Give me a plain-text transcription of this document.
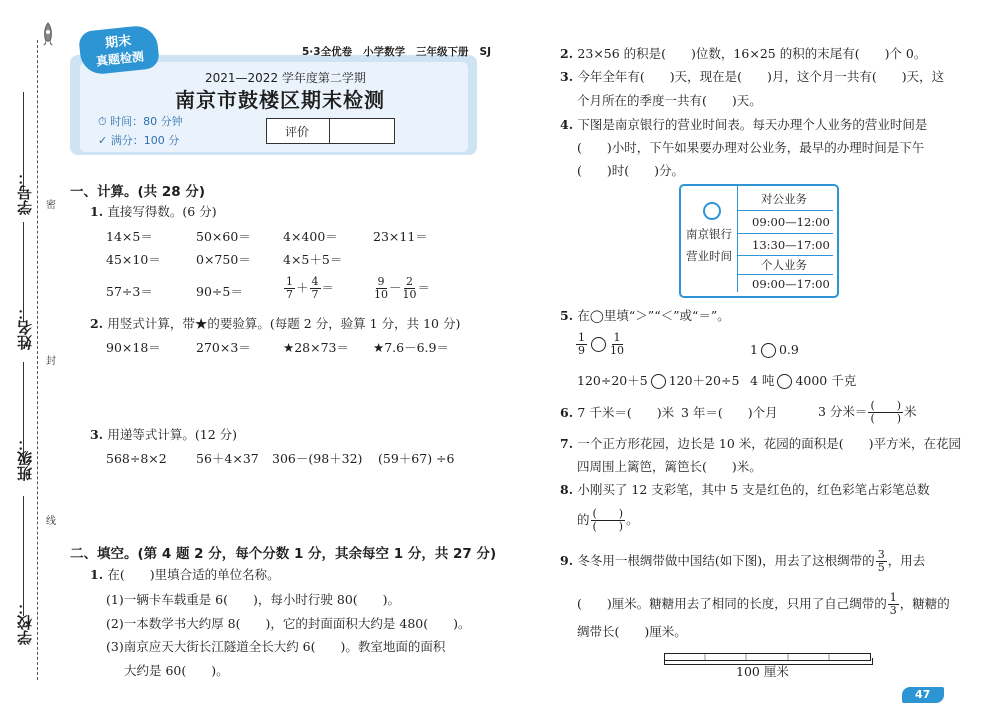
学号：
姓名：
班级：
学校：
密
封
线
期末
真题检测	5·3全优卷 小学数学 三年级下册 SJ
2021—2022 学年度第二学期
南京市鼓楼区期末检测
⏱ 时间：80 分钟
✓ 满分：100 分
评价
一、计算。(共 28 分)
1. 直接写得数。(6 分)
14×5＝	50×60＝	4×400＝	23×11＝
45×10＝	0×750＝	4×5＋5＝
57÷3＝	90÷5＝	$\frac{1}{7} + \frac{4}{7}$ ＝	$\frac{9}{10} - \frac{2}{10}$ ＝
2. 用竖式计算，带★的要验算。(每题 2 分，验算 1 分，共 10 分)
90×18＝	270×3＝	★28×73＝ ★7.6－6.9＝
3. 用递等式计算。(12 分)
568÷8×2 56＋4×37 306－(98＋32) (59＋67) ÷6
二、填空。(第 4 题 2 分，每个分数 1 分，其余每空 1 分，共 27 分)
1. 在(　　)里填合适的单位名称。
(1)一辆卡车载重是 6(　　)，每小时行驶 80(　　)。
(2)一本数学书大约厚 8(　　)，它的封面面积大约是 480(　　)。
(3)南京应天大街长江隧道全长大约 6(　　)。教室地面的面积
大约是 60(　　)。
2. 23×56 的积是(　　)位数，16×25 的积的末尾有(　　)个 0。
3. 今年全年有(　　)天，现在是(　　)月，这个月一共有(　　)天，这
个月所在的季度一共有(　　)天。
4. 下图是南京银行的营业时间表。每天办理个人业务的营业时间是
(　　)小时，下午如果要办理对公业务，最早的办理时间是下午
(　　)时(　　)分。
南京银行
营业时间
对公业务
09:00—12:00
13:30—17:00
个人业务
09:00—17:00
5. 在◯里填“＞”“＜”或“＝”。
$\frac{1}{9} \frac{1}{10}$	1 0.9
120÷20＋5 120＋20÷5 4 吨 4000 千克
6. 7 千米＝(　　)米 3 年＝(　　)个月	3 分米＝ $\frac{( )}{( )}$ 米
7. 一个正方形花园，边长是 10 米，花园的面积是(　　)平方米，在花园
四周围上篱笆，篱笆长(　　)米。
8. 小刚买了 12 支彩笔，其中 5 支是红色的，红色彩笔占彩笔总数
的 $\frac{( )}{( )}$ 。
9. 冬冬用一根绸带做中国结(如下图)，用去了这根绸带的 $\frac{3}{5}$ ，用去
(　　)厘米。糖糖用去了相同的长度，只用了自己绸带的 $\frac{1}{3}$ ，糖糖的
绸带长(　　)厘米。
100 厘米
47
